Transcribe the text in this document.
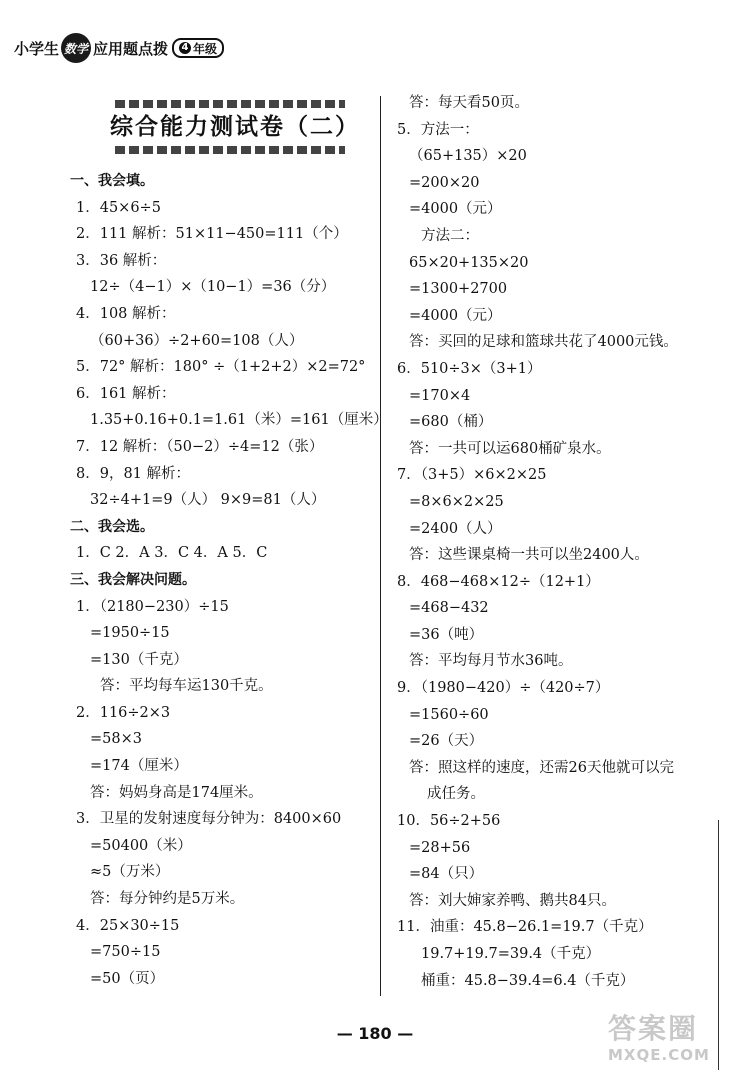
小学生 数学 应用题点拨 4 年级
综合能力测试卷（二）
一、我会填。
1．45×6÷5
2．111 解析：51×11−450=111（个）
3．36 解析：
12÷（4−1）×（10−1）=36（分）
4．108 解析：
（60+36）÷2+60=108（人）
5．72° 解析：180° ÷（1+2+2）×2=72°
6．161 解析：
1.35+0.16+0.1=1.61（米）=161（厘米）
7．12 解析：（50−2）÷4=12（张）
8．9，81 解析：
32÷4+1=9（人） 9×9=81（人）
二、我会选。
1．C 2．A 3．C 4．A 5．C
三、我会解决问题。
1．（2180−230）÷15
=1950÷15
=130（千克）
答：平均每车运130千克。
2．116÷2×3
=58×3
=174（厘米）
答：妈妈身高是174厘米。
3．卫星的发射速度每分钟为：8400×60
=50400（米）
≈5（万米）
答：每分钟约是5万米。
4．25×30÷15
=750÷15
=50（页）
答：每天看50页。
5．方法一：
（65+135）×20
=200×20
=4000（元）
方法二：
65×20+135×20
=1300+2700
=4000（元）
答：买回的足球和篮球共花了4000元钱。
6．510÷3×（3+1）
=170×4
=680（桶）
答：一共可以运680桶矿泉水。
7．（3+5）×6×2×25
=8×6×2×25
=2400（人）
答：这些课桌椅一共可以坐2400人。
8．468−468×12÷（12+1）
=468−432
=36（吨）
答：平均每月节水36吨。
9．（1980−420）÷（420÷7）
=1560÷60
=26（天）
答：照这样的速度，还需26天他就可以完
成任务。
10．56÷2+56
=28+56
=84（只）
答：刘大婶家养鸭、鹅共84只。
11．油重：45.8−26.1=19.7（千克）
19.7+19.7=39.4（千克）
桶重：45.8−39.4=6.4（千克）
— 180 —	答案圈
MXQE.COM
